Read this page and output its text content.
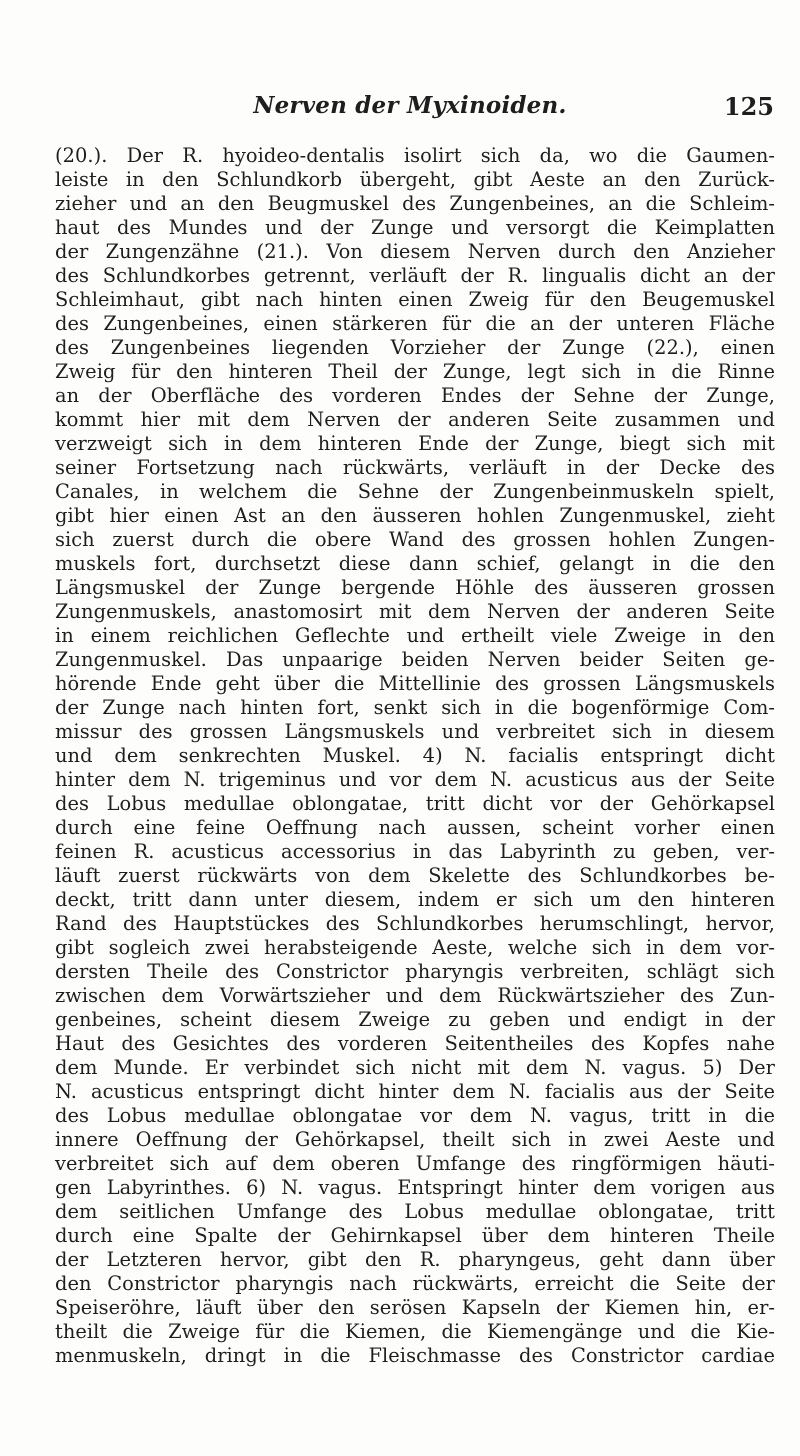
Nerven der Myxinoiden.	125
(20.). Der R. hyoideo-dentalis isolirt sich da, wo die Gaumen-
leiste in den Schlundkorb übergeht, gibt Aeste an den Zurück-
zieher und an den Beugmuskel des Zungenbeines, an die Schleim-
haut des Mundes und der Zunge und versorgt die Keimplatten
der Zungenzähne (21.). Von diesem Nerven durch den Anzieher
des Schlundkorbes getrennt, verläuft der R. lingualis dicht an der
Schleimhaut, gibt nach hinten einen Zweig für den Beugemuskel
des Zungenbeines, einen stärkeren für die an der unteren Fläche
des Zungenbeines liegenden Vorzieher der Zunge (22.), einen
Zweig für den hinteren Theil der Zunge, legt sich in die Rinne
an der Oberfläche des vorderen Endes der Sehne der Zunge,
kommt hier mit dem Nerven der anderen Seite zusammen und
verzweigt sich in dem hinteren Ende der Zunge, biegt sich mit
seiner Fortsetzung nach rückwärts, verläuft in der Decke des
Canales, in welchem die Sehne der Zungenbeinmuskeln spielt,
gibt hier einen Ast an den äusseren hohlen Zungenmuskel, zieht
sich zuerst durch die obere Wand des grossen hohlen Zungen-
muskels fort, durchsetzt diese dann schief, gelangt in die den
Längsmuskel der Zunge bergende Höhle des äusseren grossen
Zungenmuskels, anastomosirt mit dem Nerven der anderen Seite
in einem reichlichen Geflechte und ertheilt viele Zweige in den
Zungenmuskel. Das unpaarige beiden Nerven beider Seiten ge-
hörende Ende geht über die Mittellinie des grossen Längsmuskels
der Zunge nach hinten fort, senkt sich in die bogenförmige Com-
missur des grossen Längsmuskels und verbreitet sich in diesem
und dem senkrechten Muskel. 4) N. facialis entspringt dicht
hinter dem N. trigeminus und vor dem N. acusticus aus der Seite
des Lobus medullae oblongatae, tritt dicht vor der Gehörkapsel
durch eine feine Oeffnung nach aussen, scheint vorher einen
feinen R. acusticus accessorius in das Labyrinth zu geben, ver-
läuft zuerst rückwärts von dem Skelette des Schlundkorbes be-
deckt, tritt dann unter diesem, indem er sich um den hinteren
Rand des Hauptstückes des Schlundkorbes herumschlingt, hervor,
gibt sogleich zwei herabsteigende Aeste, welche sich in dem vor-
dersten Theile des Constrictor pharyngis verbreiten, schlägt sich
zwischen dem Vorwärtszieher und dem Rückwärtszieher des Zun-
genbeines, scheint diesem Zweige zu geben und endigt in der
Haut des Gesichtes des vorderen Seitentheiles des Kopfes nahe
dem Munde. Er verbindet sich nicht mit dem N. vagus. 5) Der
N. acusticus entspringt dicht hinter dem N. facialis aus der Seite
des Lobus medullae oblongatae vor dem N. vagus, tritt in die
innere Oeffnung der Gehörkapsel, theilt sich in zwei Aeste und
verbreitet sich auf dem oberen Umfange des ringförmigen häuti-
gen Labyrinthes. 6) N. vagus. Entspringt hinter dem vorigen aus
dem seitlichen Umfange des Lobus medullae oblongatae, tritt
durch eine Spalte der Gehirnkapsel über dem hinteren Theile
der Letzteren hervor, gibt den R. pharyngeus, geht dann über
den Constrictor pharyngis nach rückwärts, erreicht die Seite der
Speiseröhre, läuft über den serösen Kapseln der Kiemen hin, er-
theilt die Zweige für die Kiemen, die Kiemengänge und die Kie-
menmuskeln, dringt in die Fleischmasse des Constrictor cardiae
